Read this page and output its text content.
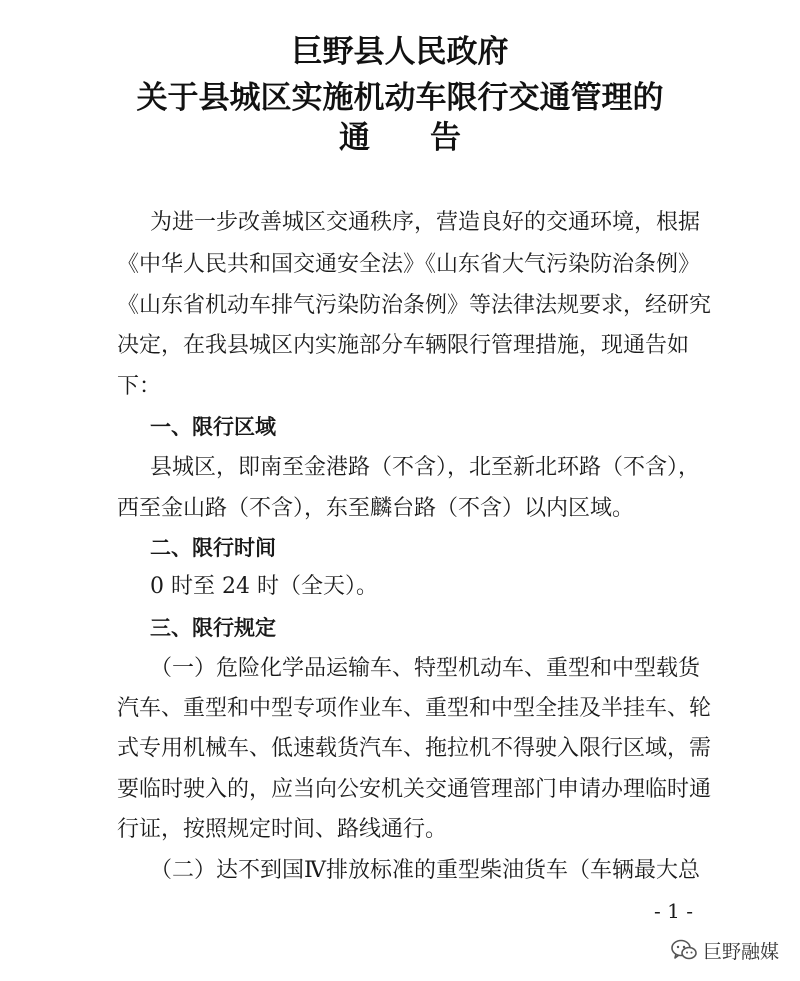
巨野县人民政府
关于县城区实施机动车限行交通管理的
通 告
为进一步改善城区交通秩序，营造良好的交通环境，根据
《中华人民共和国交通安全法》《山东省大气污染防治条例》
《山东省机动车排气污染防治条例》等法律法规要求，经研究
决定，在我县城区内实施部分车辆限行管理措施，现通告如
下：
一、限行区域
县城区，即南至金港路（不含），北至新北环路（不含），
西至金山路（不含），东至麟台路（不含）以内区域。
二、限行时间
0 时至 24 时（全天）。
三、限行规定
（一）危险化学品运输车、特型机动车、重型和中型载货
汽车、重型和中型专项作业车、重型和中型全挂及半挂车、轮
式专用机械车、低速载货汽车、拖拉机不得驶入限行区域，需
要临时驶入的，应当向公安机关交通管理部门申请办理临时通
行证，按照规定时间、路线通行。
（二）达不到国Ⅳ排放标准的重型柴油货车（车辆最大总
- 1 -
巨野融媒
